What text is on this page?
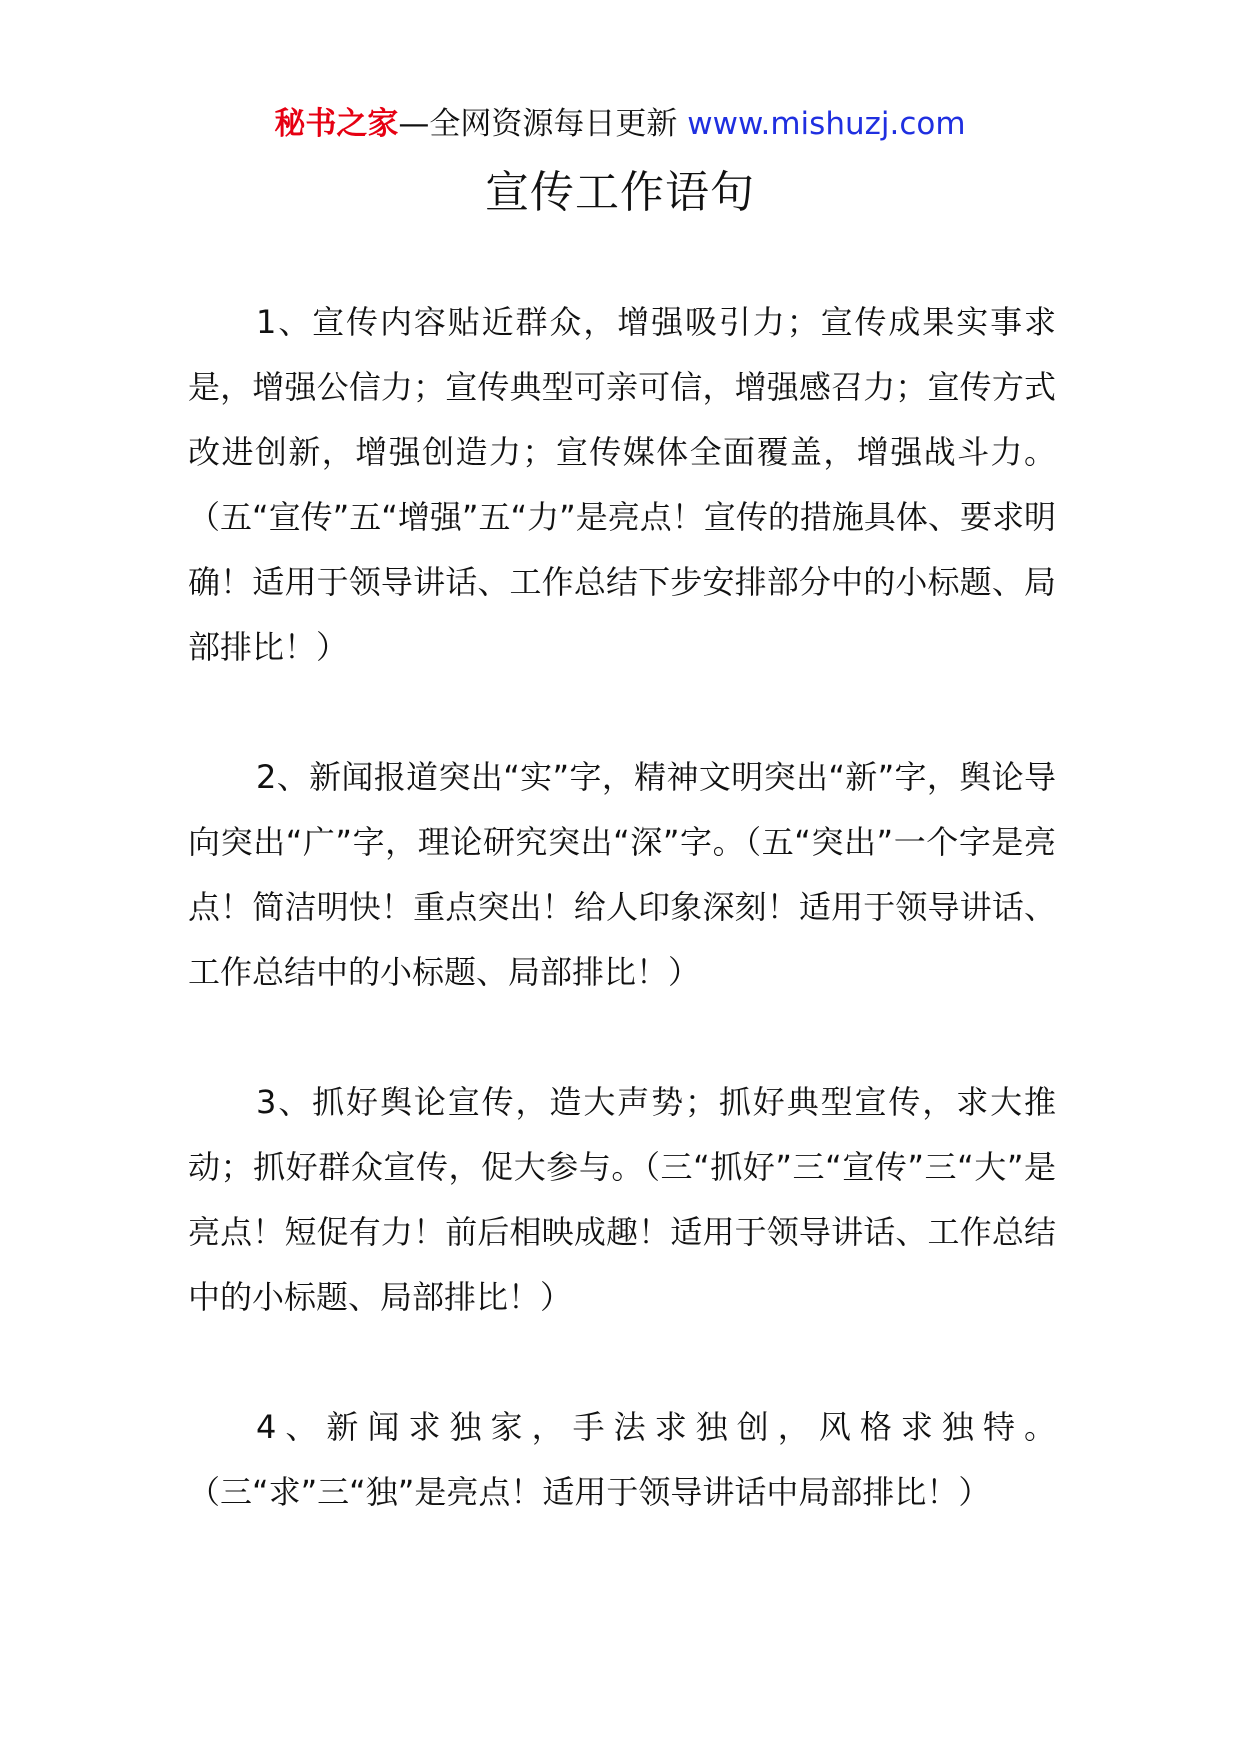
秘书之家—全网资源每日更新 www.mishuzj.com
宣传工作语句

1、宣传内容贴近群众，增强吸引力；宣传成果实事求是，增强公信力；宣传典型可亲可信，增强感召力；宣传方式改进创新，增强创造力；宣传媒体全面覆盖，增强战斗力。（五“宣传”五“增强”五“力”是亮点！宣传的措施具体、要求明确！适用于领导讲话、工作总结下步安排部分中的小标题、局部排比！）

2、新闻报道突出“实”字，精神文明突出“新”字，舆论导向突出“广”字，理论研究突出“深”字。（五“突出”一个字是亮点！简洁明快！重点突出！给人印象深刻！适用于领导讲话、工作总结中的小标题、局部排比！）

3、抓好舆论宣传，造大声势；抓好典型宣传，求大推动；抓好群众宣传，促大参与。（三“抓好”三“宣传”三“大”是亮点！短促有力！前后相映成趣！适用于领导讲话、工作总结中的小标题、局部排比！）

4、新闻求独家，手法求独创，风格求独特。（三“求”三“独”是亮点！适用于领导讲话中局部排比！）
